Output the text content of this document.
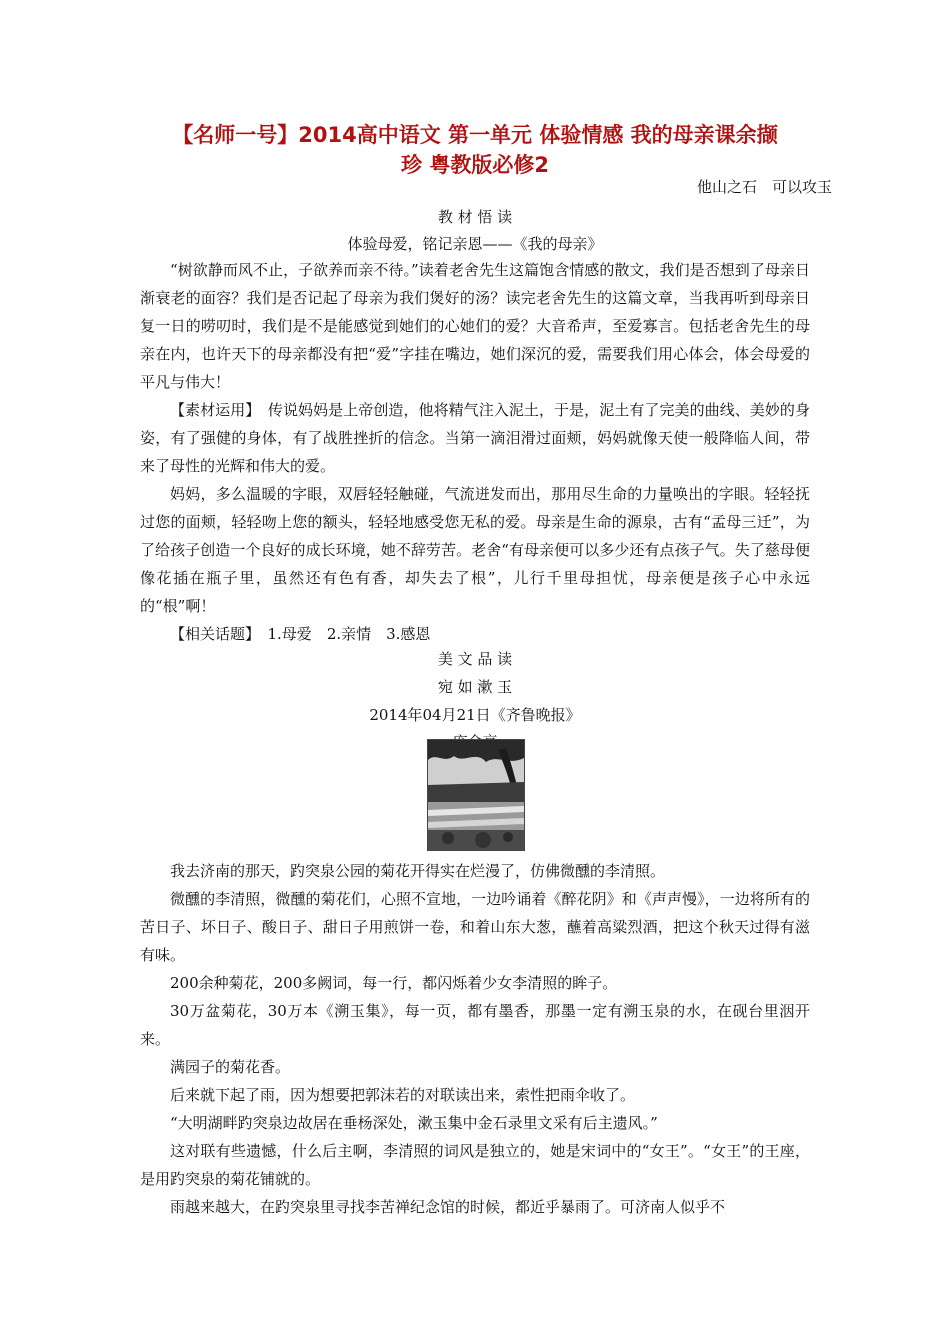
【名师一号】2014高中语文 第一单元 体验情感 我的母亲课余撷
珍 粤教版必修2
他山之石　可以攻玉
教 材 悟 读
体验母爱，铭记亲恩——《我的母亲》

“树欲静而风不止，子欲养而亲不待。”读着老舍先生这篇饱含情感的散文，我们是否想到了母亲日渐衰老的面容？我们是否记起了母亲为我们煲好的汤？读完老舍先生的这篇文章，当我再听到母亲日复一日的唠叨时，我们是不是能感觉到她们的心她们的爱？大音希声，至爱寡言。包括老舍先生的母亲在内，也许天下的母亲都没有把“爱”字挂在嘴边，她们深沉的爱，需要我们用心体会，体会母爱的平凡与伟大！

【素材运用】　传说妈妈是上帝创造，他将精气注入泥土，于是，泥土有了完美的曲线、美妙的身姿，有了强健的身体，有了战胜挫折的信念。当第一滴泪滑过面颊，妈妈就像天使一般降临人间，带来了母性的光辉和伟大的爱。

妈妈，多么温暖的字眼，双唇轻轻触碰，气流迸发而出，那用尽生命的力量唤出的字眼。轻轻抚过您的面颊，轻轻吻上您的额头，轻轻地感受您无私的爱。母亲是生命的源泉，古有“孟母三迁”，为了给孩子创造一个良好的成长环境，她不辞劳苦。老舍“有母亲便可以多少还有点孩子气。失了慈母便像花插在瓶子里，虽然还有色有香，却失去了根”，儿行千里母担忧，母亲便是孩子心中永远的“根”啊！

【相关话题】　1.母爱　2.亲情　3.感恩

美 文 品 读
宛 如 漱 玉
2014年04月21日《齐鲁晚报》

我去济南的那天，趵突泉公园的菊花开得实在烂漫了，仿佛微醺的李清照。

微醺的李清照，微醺的菊花们，心照不宣地，一边吟诵着《醉花阴》和《声声慢》，一边将所有的苦日子、坏日子、酸日子、甜日子用煎饼一卷，和着山东大葱，蘸着高粱烈酒，把这个秋天过得有滋有味。

200余种菊花，200多阙词，每一行，都闪烁着少女李清照的眸子。

30万盆菊花，30万本《溯玉集》，每一页，都有墨香，那墨一定有溯玉泉的水，在砚台里洇开来。

满园子的菊花香。

后来就下起了雨，因为想要把郭沫若的对联读出来，索性把雨伞收了。

“大明湖畔趵突泉边故居在垂杨深处，漱玉集中金石录里文采有后主遗风。”

这对联有些遗憾，什么后主啊，李清照的词风是独立的，她是宋词中的“女王”。“女王”的王座，是用趵突泉的菊花铺就的。

雨越来越大，在趵突泉里寻找李苦禅纪念馆的时候，都近乎暴雨了。可济南人似乎不
